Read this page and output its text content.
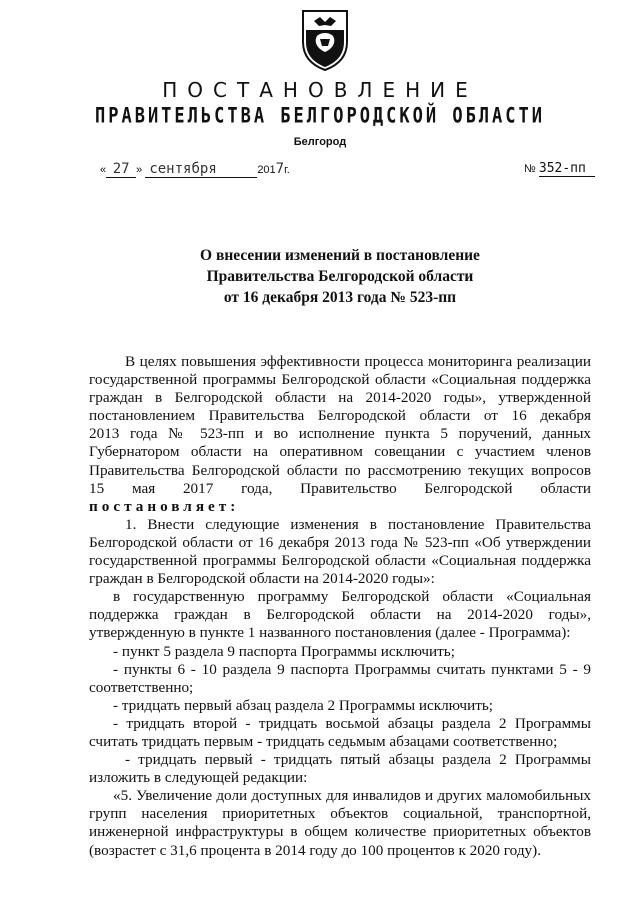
ПОСТАНОВЛЕНИЕ
ПРАВИТЕЛЬСТВА БЕЛГОРОДСКОЙ ОБЛАСТИ
Белгород
« 27 » сентября	2017г.	№ 352-пп
О внесении изменений в постановление
Правительства Белгородской области
от 16 декабря 2013 года № 523-пп
В целях повышения эффективности процесса мониторинга реализации
государственной программы Белгородской области «Социальная поддержка
граждан в Белгородской области на 2014-2020 годы», утвержденной
постановлением Правительства Белгородской области от 16 декабря
2013 года № 523-пп и во исполнение пункта 5 поручений, данных
Губернатором области на оперативном совещании с участием членов
Правительства Белгородской области по рассмотрению текущих вопросов
15 мая 2017 года, Правительство Белгородской области
постановляет:
1. Внести следующие изменения в постановление Правительства
Белгородской области от 16 декабря 2013 года № 523-пп «Об утверждении
государственной программы Белгородской области «Социальная поддержка
граждан в Белгородской области на 2014-2020 годы»:
в государственную программу Белгородской области «Социальная
поддержка граждан в Белгородской области на 2014-2020 годы»,
утвержденную в пункте 1 названного постановления (далее - Программа):
- пункт 5 раздела 9 паспорта Программы исключить;
- пункты 6 - 10 раздела 9 паспорта Программы считать пунктами 5 - 9
соответственно;
- тридцать первый абзац раздела 2 Программы исключить;
- тридцать второй - тридцать восьмой абзацы раздела 2 Программы
считать тридцать первым - тридцать седьмым абзацами соответственно;
- тридцать первый - тридцать пятый абзацы раздела 2 Программы
изложить в следующей редакции:
«5. Увеличение доли доступных для инвалидов и других маломобильных
групп населения приоритетных объектов социальной, транспортной,
инженерной инфраструктуры в общем количестве приоритетных объектов
(возрастет с 31,6 процента в 2014 году до 100 процентов к 2020 году).
